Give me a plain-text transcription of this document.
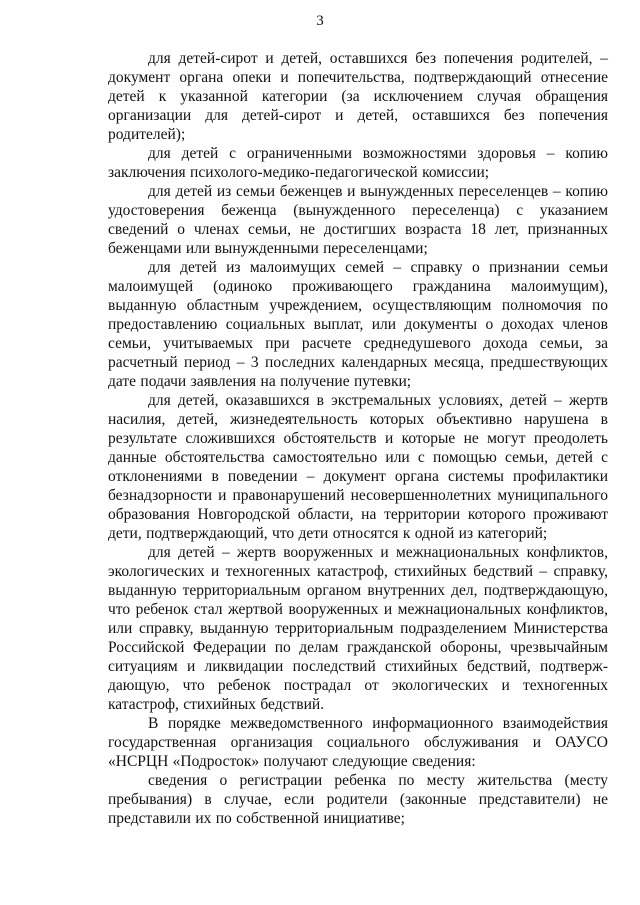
3

для детей-сирот и детей, оставшихся без попечения родителей, – документ органа опеки и попечительства, подтверждающий отнесение детей к указанной категории (за исключением случая обращения организации для детей-сирот и детей, оставшихся без попечения родителей);

для детей с ограниченными возможностями здоровья – копию заключения психолого-медико-педагогической комиссии;

для детей из семьи беженцев и вынужденных переселенцев – копию удостоверения беженца (вынужденного переселенца) с указанием сведений о членах семьи, не достигших возраста 18 лет, признанных беженцами или вынужденными переселенцами;

для детей из малоимущих семей – справку о признании семьи малоимущей (одиноко проживающего гражданина малоимущим), выданную областным учреждением, осуществляющим полномочия по предоставлению социальных выплат, или документы о доходах членов семьи, учитываемых при расчете среднедушевого дохода семьи, за расчетный период – 3 последних календарных месяца, предшествующих дате подачи заявления на получение путевки;

для детей, оказавшихся в экстремальных условиях, детей – жертв насилия, детей, жизнедеятельность которых объективно нарушена в результате сложившихся обстоятельств и которые не могут преодолеть данные обстоятельства самостоятельно или с помощью семьи, детей с отклонениями в поведении – документ органа системы профилактики безнадзорности и правонарушений несовершеннолетних муниципального образования Новгородской области, на территории которого проживают дети, подтверждающий, что дети относятся к одной из категорий;

для детей – жертв вооруженных и межнациональных конфликтов, экологических и техногенных катастроф, стихийных бедствий – справку, выданную территориальным органом внутренних дел, подтверждающую, что ребенок стал жертвой вооруженных и межнациональных конфликтов, или справку, выданную территориальным подразделением Министерства Российской Федерации по делам гражданской обороны, чрезвычайным ситуациям и ликвидации последствий стихийных бедствий, подтверж-дающую, что ребенок пострадал от экологических и техногенных катастроф, стихийных бедствий.

В порядке межведомственного информационного взаимодействия государственная организация социального обслуживания и ОАУСО «НСРЦН «Подросток» получают следующие сведения:

сведения о регистрации ребенка по месту жительства (месту пребывания) в случае, если родители (законные представители) не представили их по собственной инициативе;
